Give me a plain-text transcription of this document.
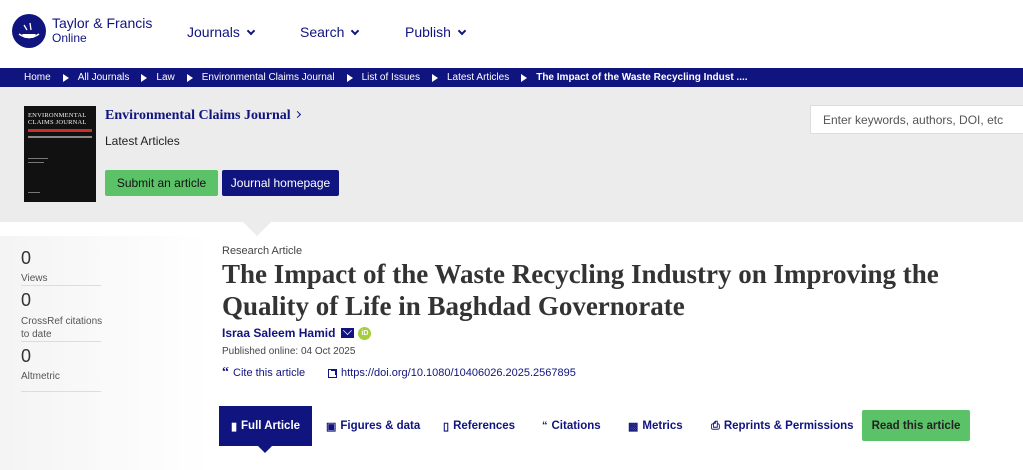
Taylor & Francis
Online	Journals	Search	Publish
Home	All Journals	Law	Environmental Claims Journal	List of Issues	Latest Articles	The Impact of the Waste Recycling Indust ....
ENVIRONMENTAL
CLAIMS JOURNAL	Environmental Claims Journal
Latest Articles
Submit an article	Journal homepage
Enter keywords, authors, DOI, etc
0
Views
0
CrossRef citations to date
0
Altmetric
Research Article
The Impact of the Waste Recycling Industry on Improving the Quality of Life in Baghdad Governorate
Israa Saleem Hamid	iD
Published online: 04 Oct 2025
“ Cite this article	https://doi.org/10.1080/10406026.2025.2567895
▮ Full Article ▣ Figures & data ▯ References “ Citations ▩ Metrics	⎙ Reprints & Permissions Read this article
